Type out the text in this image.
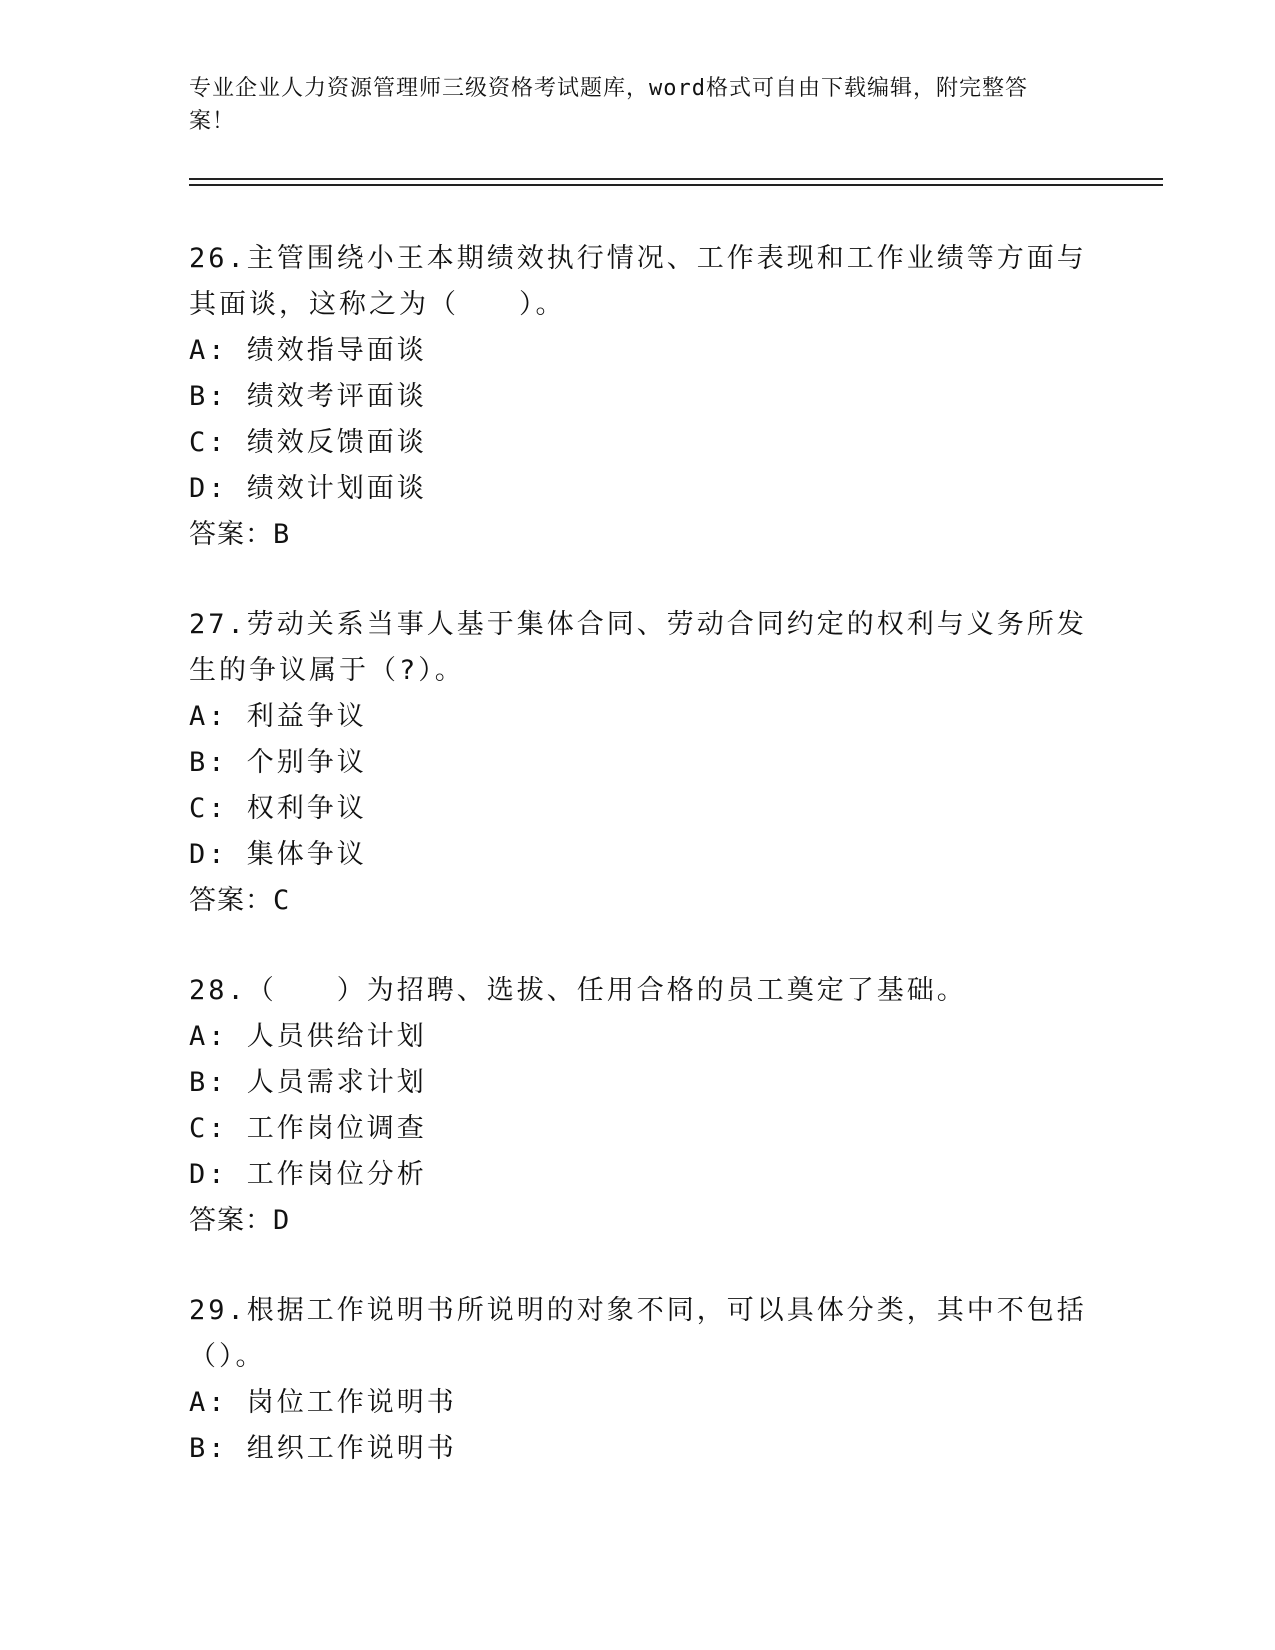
专业企业人力资源管理师三级资格考试题库，word格式可自由下载编辑，附完整答案！

26.主管围绕小王本期绩效执行情况、工作表现和工作业绩等方面与其面谈，这称之为（　　）。

A: 绩效指导面谈

B: 绩效考评面谈

C: 绩效反馈面谈

D: 绩效计划面谈

答案：B

27.劳动关系当事人基于集体合同、劳动合同约定的权利与义务所发生的争议属于（?）。

A: 利益争议

B: 个别争议

C: 权利争议

D: 集体争议

答案：C

28.（　　）为招聘、选拔、任用合格的员工奠定了基础。

A: 人员供给计划

B: 人员需求计划

C: 工作岗位调查

D: 工作岗位分析

答案：D

29.根据工作说明书所说明的对象不同，可以具体分类，其中不包括（）。

A: 岗位工作说明书

B: 组织工作说明书
